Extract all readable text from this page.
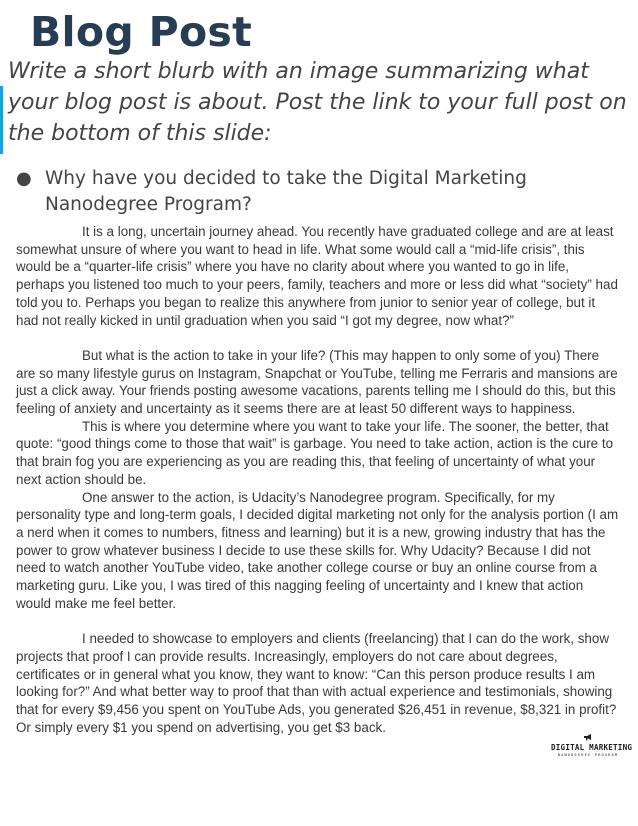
Blog Post
Write a short blurb with an image summarizing what your blog post is about. Post the link to your full post on the bottom of this slide:
● Why have you decided to take the Digital Marketing Nanodegree Program?

It is a long, uncertain journey ahead. You recently have graduated college and are at least somewhat unsure of where you want to head in life. What some would call a “mid-life crisis”, this would be a “quarter-life crisis” where you have no clarity about where you wanted to go in life, perhaps you listened too much to your peers, family, teachers and more or less did what “society” had told you to. Perhaps you began to realize this anywhere from junior to senior year of college, but it had not really kicked in until graduation when you said “I got my degree, now what?”

But what is the action to take in your life? (This may happen to only some of you) There are so many lifestyle gurus on Instagram, Snapchat or YouTube, telling me Ferraris and mansions are just a click away. Your friends posting awesome vacations, parents telling me I should do this, but this feeling of anxiety and uncertainty as it seems there are at least 50 different ways to happiness.

This is where you determine where you want to take your life. The sooner, the better, that quote: “good things come to those that wait” is garbage. You need to take action, action is the cure to that brain fog you are experiencing as you are reading this, that feeling of uncertainty of what your next action should be.

One answer to the action, is Udacity’s Nanodegree program. Specifically, for my personality type and long-term goals, I decided digital marketing not only for the analysis portion (I am a nerd when it comes to numbers, fitness and learning) but it is a new, growing industry that has the power to grow whatever business I decide to use these skills for. Why Udacity? Because I did not need to watch another YouTube video, take another college course or buy an online course from a marketing guru. Like you, I was tired of this nagging feeling of uncertainty and I knew that action would make me feel better.

I needed to showcase to employers and clients (freelancing) that I can do the work, show projects that proof I can provide results. Increasingly, employers do not care about degrees, certificates or in general what you know, they want to know: “Can this person produce results I am looking for?” And what better way to proof that than with actual experience and testimonials, showing that for every $9,456 you spent on YouTube Ads, you generated $26,451 in revenue, $8,321 in profit? Or simply every $1 you spend on advertising, you get $3 back.

DIGITAL MARKETING
NANODEGREE PROGRAM
